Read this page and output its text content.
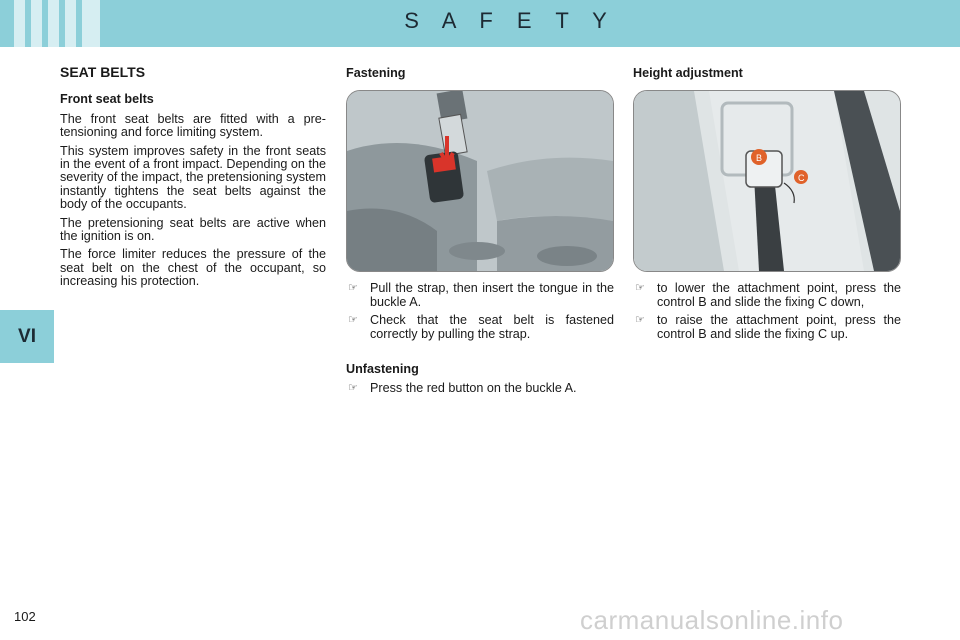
S A F E T Y
VI
SEAT BELTS
Front seat belts

The front seat belts are fitted with a pre-tensioning and force limiting system.

This system improves safety in the front seats in the event of a front impact. Depending on the severity of the impact, the pretensioning system instantly tightens the seat belts against the body of the occupants.

The pretensioning seat belts are active when the ignition is on.

The force limiter reduces the pressure of the seat belt on the chest of the occupant, so increasing his protection.

Fastening
☞ Pull the strap, then insert the tongue in the buckle A.
☞ Check that the seat belt is fastened correctly by pulling the strap.
Unfastening
☞ Press the red button on the buckle A.
Height adjustment
B
C
☞ to lower the attachment point, press the control B and slide the fixing C down,
☞ to raise the attachment point, press the control B and slide the fixing C up.
102	carmanualsonline.info
